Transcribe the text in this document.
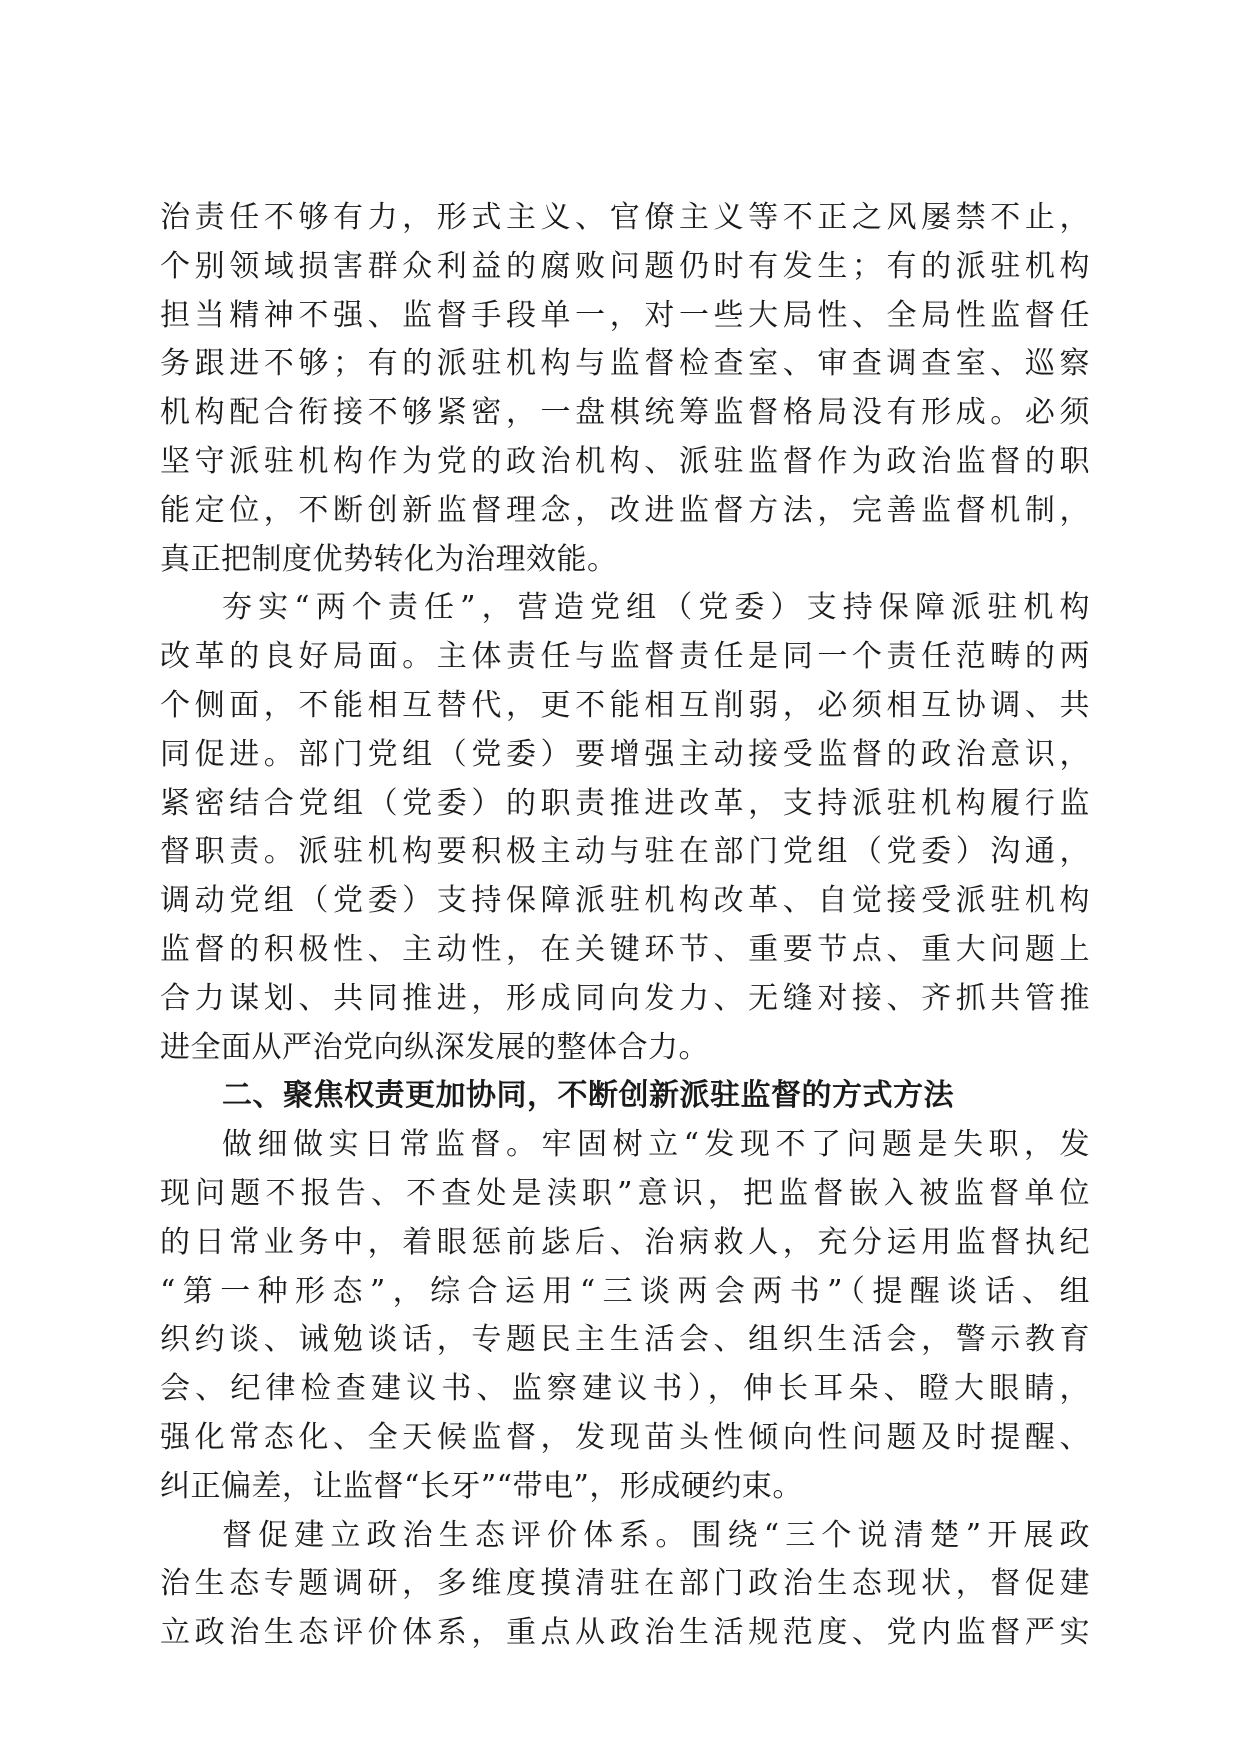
治责任不够有力，形式主义、官僚主义等不正之风屡禁不止，
个别领域损害群众利益的腐败问题仍时有发生；有的派驻机构
担当精神不强、监督手段单一，对一些大局性、全局性监督任
务跟进不够；有的派驻机构与监督检查室、审查调查室、巡察
机构配合衔接不够紧密，一盘棋统筹监督格局没有形成。必须
坚守派驻机构作为党的政治机构、派驻监督作为政治监督的职
能定位，不断创新监督理念，改进监督方法，完善监督机制，
真正把制度优势转化为治理效能。
夯实“两个责任”，营造党组（党委）支持保障派驻机构
改革的良好局面。主体责任与监督责任是同一个责任范畴的两
个侧面，不能相互替代，更不能相互削弱，必须相互协调、共
同促进。部门党组（党委）要增强主动接受监督的政治意识，
紧密结合党组（党委）的职责推进改革，支持派驻机构履行监
督职责。派驻机构要积极主动与驻在部门党组（党委）沟通，
调动党组（党委）支持保障派驻机构改革、自觉接受派驻机构
监督的积极性、主动性，在关键环节、重要节点、重大问题上
合力谋划、共同推进，形成同向发力、无缝对接、齐抓共管推
进全面从严治党向纵深发展的整体合力。
二、聚焦权责更加协同，不断创新派驻监督的方式方法
做细做实日常监督。牢固树立“发现不了问题是失职，发
现问题不报告、不查处是渎职”意识，把监督嵌入被监督单位
的日常业务中，着眼惩前毖后、治病救人，充分运用监督执纪
“第一种形态”，综合运用“三谈两会两书”（提醒谈话、组
织约谈、诫勉谈话，专题民主生活会、组织生活会，警示教育
会、纪律检查建议书、监察建议书），伸长耳朵、瞪大眼睛，
强化常态化、全天候监督，发现苗头性倾向性问题及时提醒、
纠正偏差，让监督“长牙”“带电”，形成硬约束。
督促建立政治生态评价体系。围绕“三个说清楚”开展政
治生态专题调研，多维度摸清驻在部门政治生态现状，督促建
立政治生态评价体系，重点从政治生活规范度、党内监督严实
